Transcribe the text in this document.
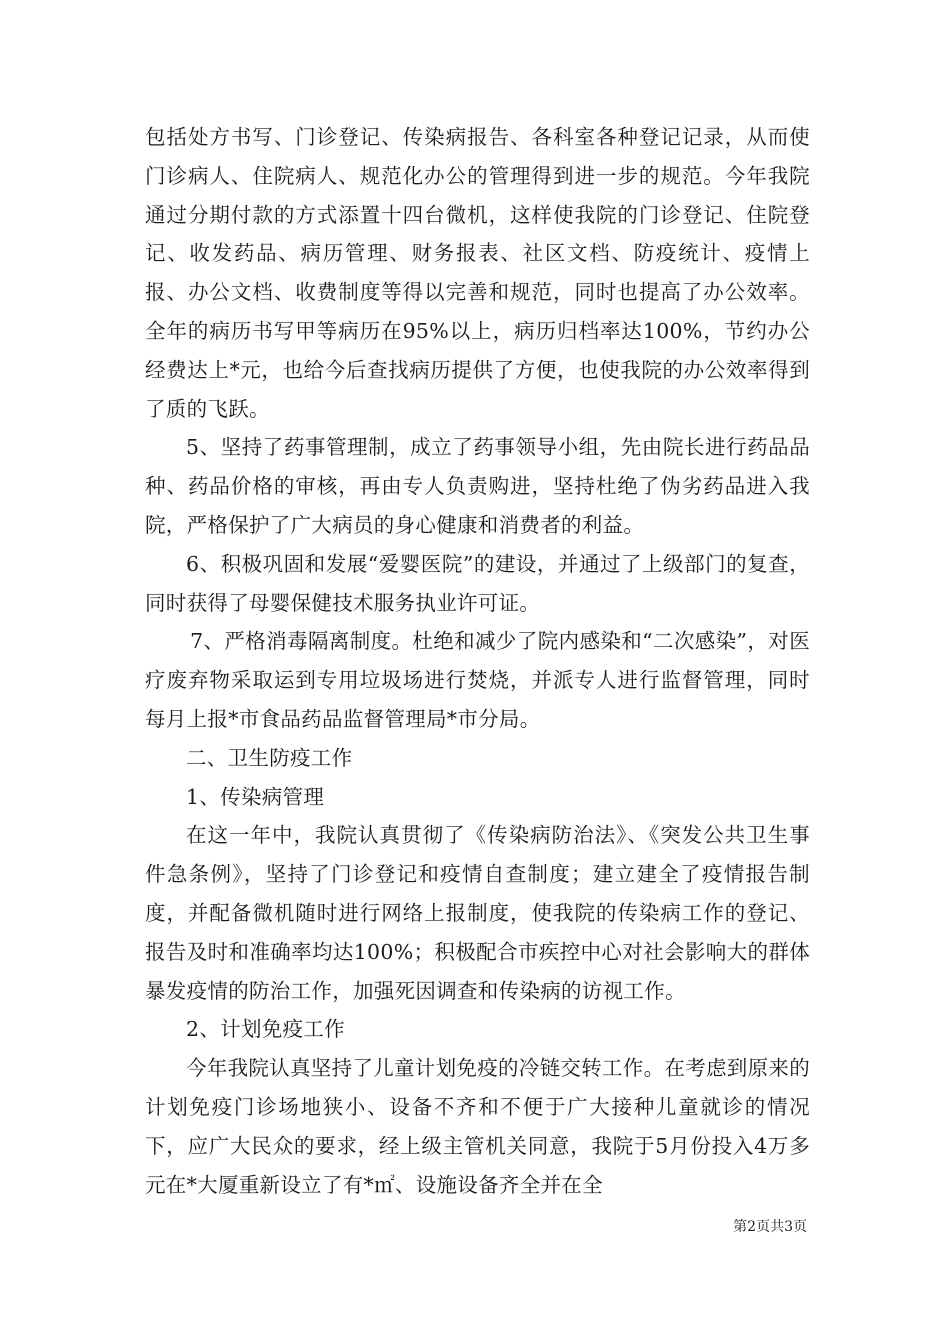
包括处方书写、门诊登记、传染病报告、各科室各种登记记录，从而使门诊病人、住院病人、规范化办公的管理得到进一步的规范。今年我院通过分期付款的方式添置十四台微机，这样使我院的门诊登记、住院登记、收发药品、病历管理、财务报表、社区文档、防疫统计、疫情上报、办公文档、收费制度等得以完善和规范，同时也提高了办公效率。全年的病历书写甲等病历在95%以上，病历归档率达100%，节约办公经费达上*元，也给今后查找病历提供了方便，也使我院的办公效率得到了质的飞跃。

5、坚持了药事管理制，成立了药事领导小组，先由院长进行药品品种、药品价格的审核，再由专人负责购进，坚持杜绝了伪劣药品进入我院，严格保护了广大病员的身心健康和消费者的利益。

6、积极巩固和发展“爱婴医院”的建设，并通过了上级部门的复查，同时获得了母婴保健技术服务执业许可证。

7、严格消毒隔离制度。杜绝和减少了院内感染和“二次感染”，对医疗废弃物采取运到专用垃圾场进行焚烧，并派专人进行监督管理，同时每月上报*市食品药品监督管理局*市分局。

二、卫生防疫工作

1、传染病管理

在这一年中，我院认真贯彻了《传染病防治法》、《突发公共卫生事件急条例》，坚持了门诊登记和疫情自查制度；建立建全了疫情报告制度，并配备微机随时进行网络上报制度，使我院的传染病工作的登记、报告及时和准确率均达100%；积极配合市疾控中心对社会影响大的群体暴发疫情的防治工作，加强死因调查和传染病的访视工作。

2、计划免疫工作

今年我院认真坚持了儿童计划免疫的冷链交转工作。在考虑到原来的计划免疫门诊场地狭小、设备不齐和不便于广大接种儿童就诊的情况下，应广大民众的要求，经上级主管机关同意，我院于5月份投入4万多元在*大厦重新设立了有*㎡、设施设备齐全并在全

第2页共3页
